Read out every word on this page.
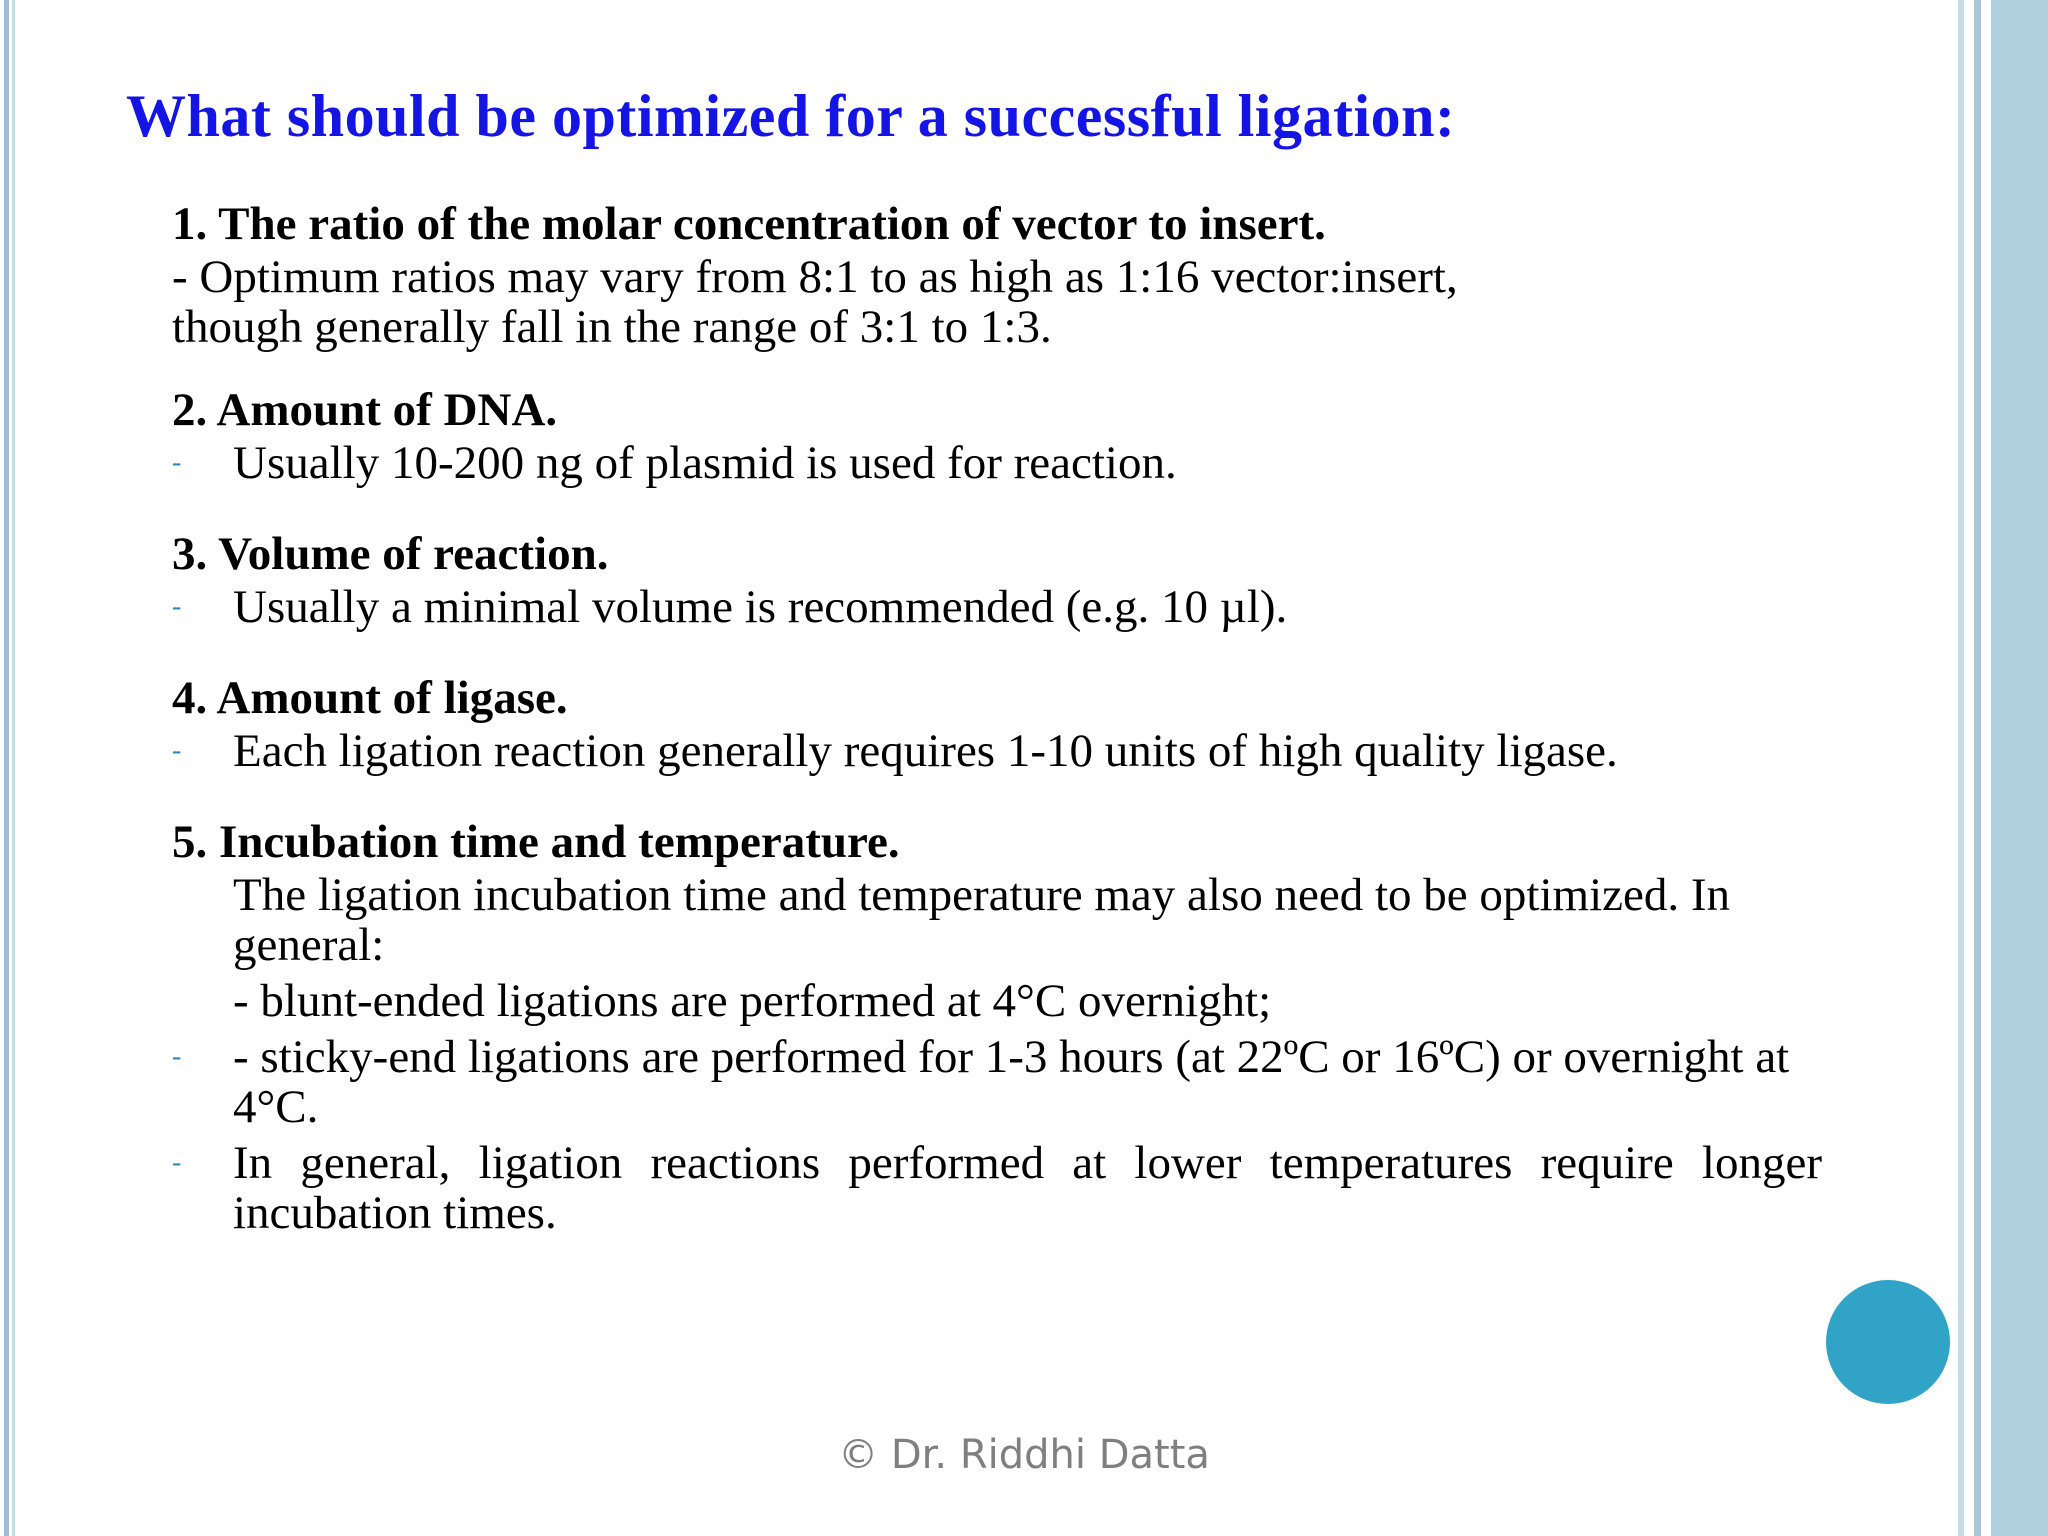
What should be optimized for a successful ligation:

1. The ratio of the molar concentration of vector to insert.

- Optimum ratios may vary from 8:1 to as high as 1:16 vector:insert,

though generally fall in the range of 3:1 to 1:3.

2. Amount of DNA.

- Usually 10-200 ng of plasmid is used for reaction.

3. Volume of reaction.

- Usually a minimal volume is recommended (e.g. 10 µl).

4. Amount of ligase.

- Each ligation reaction generally requires 1-10 units of high quality ligase.

5. Incubation time and temperature.

The ligation incubation time and temperature may also need to be optimized. In general:

- blunt-ended ligations are performed at 4°C overnight;

- - sticky-end ligations are performed for 1-3 hours (at 22ºC or 16ºC) or overnight at 4°C.

- In general, ligation reactions performed at lower temperatures require longer incubation times.

© Dr. Riddhi Datta
